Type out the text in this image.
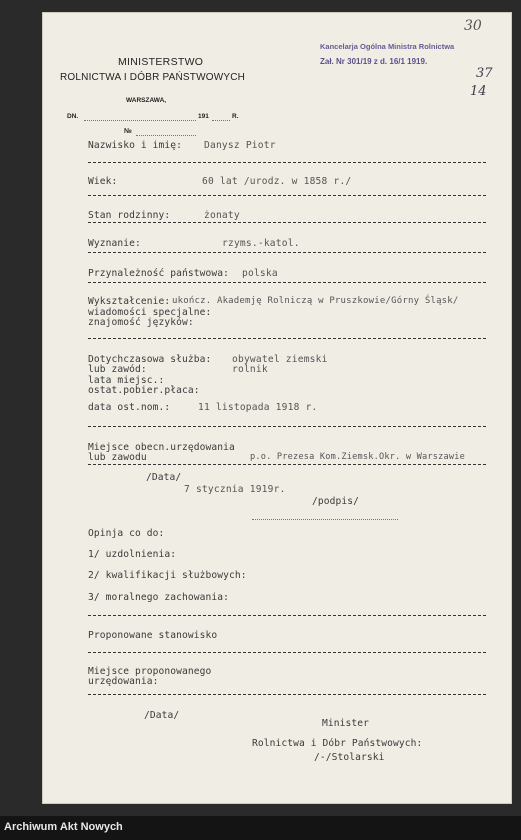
MINISTERSTWO
ROLNICTWA I DÓBR PAŃSTWOWYCH
WARSZAWA,
DN.	191	R.
№
Kancelarja Ogólna Ministra Rolnictwa
Zał. Nr 301/19 z d. 16/1 1919.
30
37
14
Nazwisko i imię: Danysz Piotr
Wiek:	60 lat /urodz. w 1858 r./
Stan rodzinny:	żonaty
Wyznanie:	rzyms.-katol.
Przynależność państwowa: polska
Wykształcenie: ukończ. Akademję Rolniczą w Pruszkowie/Górny Śląsk/
wiadomości specjalne:
znajomość języków:
Dotychczasowa służba: obywatel ziemski
lub zawód:	rolnik
lata miejsc.:
ostat.pobier.płaca:
data ost.nom.:	11 listopada 1918 r.
Miejsce obecn.urzędowania
lub zawodu	p.o. Prezesa Kom.Ziemsk.Okr. w Warszawie
/Data/
7 stycznia 1919r.
/podpis/
Opinja co do:
1/ uzdolnienia:
2/ kwalifikacji służbowych:
3/ moralnego zachowania:
Proponowane stanowisko
Miejsce proponowanego
urzędowania:
/Data/
Minister
Rolnictwa i Dóbr Państwowych:
/-/Stolarski
Archiwum Akt Nowych
